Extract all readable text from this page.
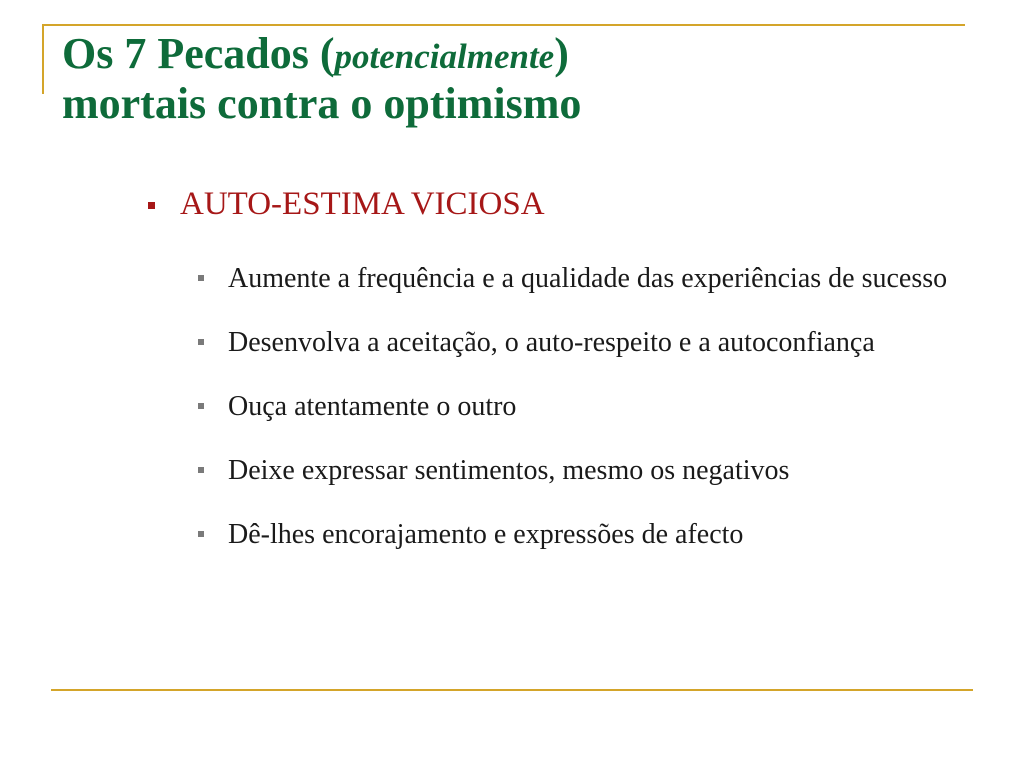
Os 7 Pecados (potencialmente)
mortais contra o optimismo
AUTO-ESTIMA VICIOSA
Aumente a frequência e a qualidade das experiências de sucesso
Desenvolva a aceitação, o auto-respeito e a autoconfiança
Ouça atentamente o outro
Deixe expressar sentimentos, mesmo os negativos
Dê-lhes encorajamento e expressões de afecto
